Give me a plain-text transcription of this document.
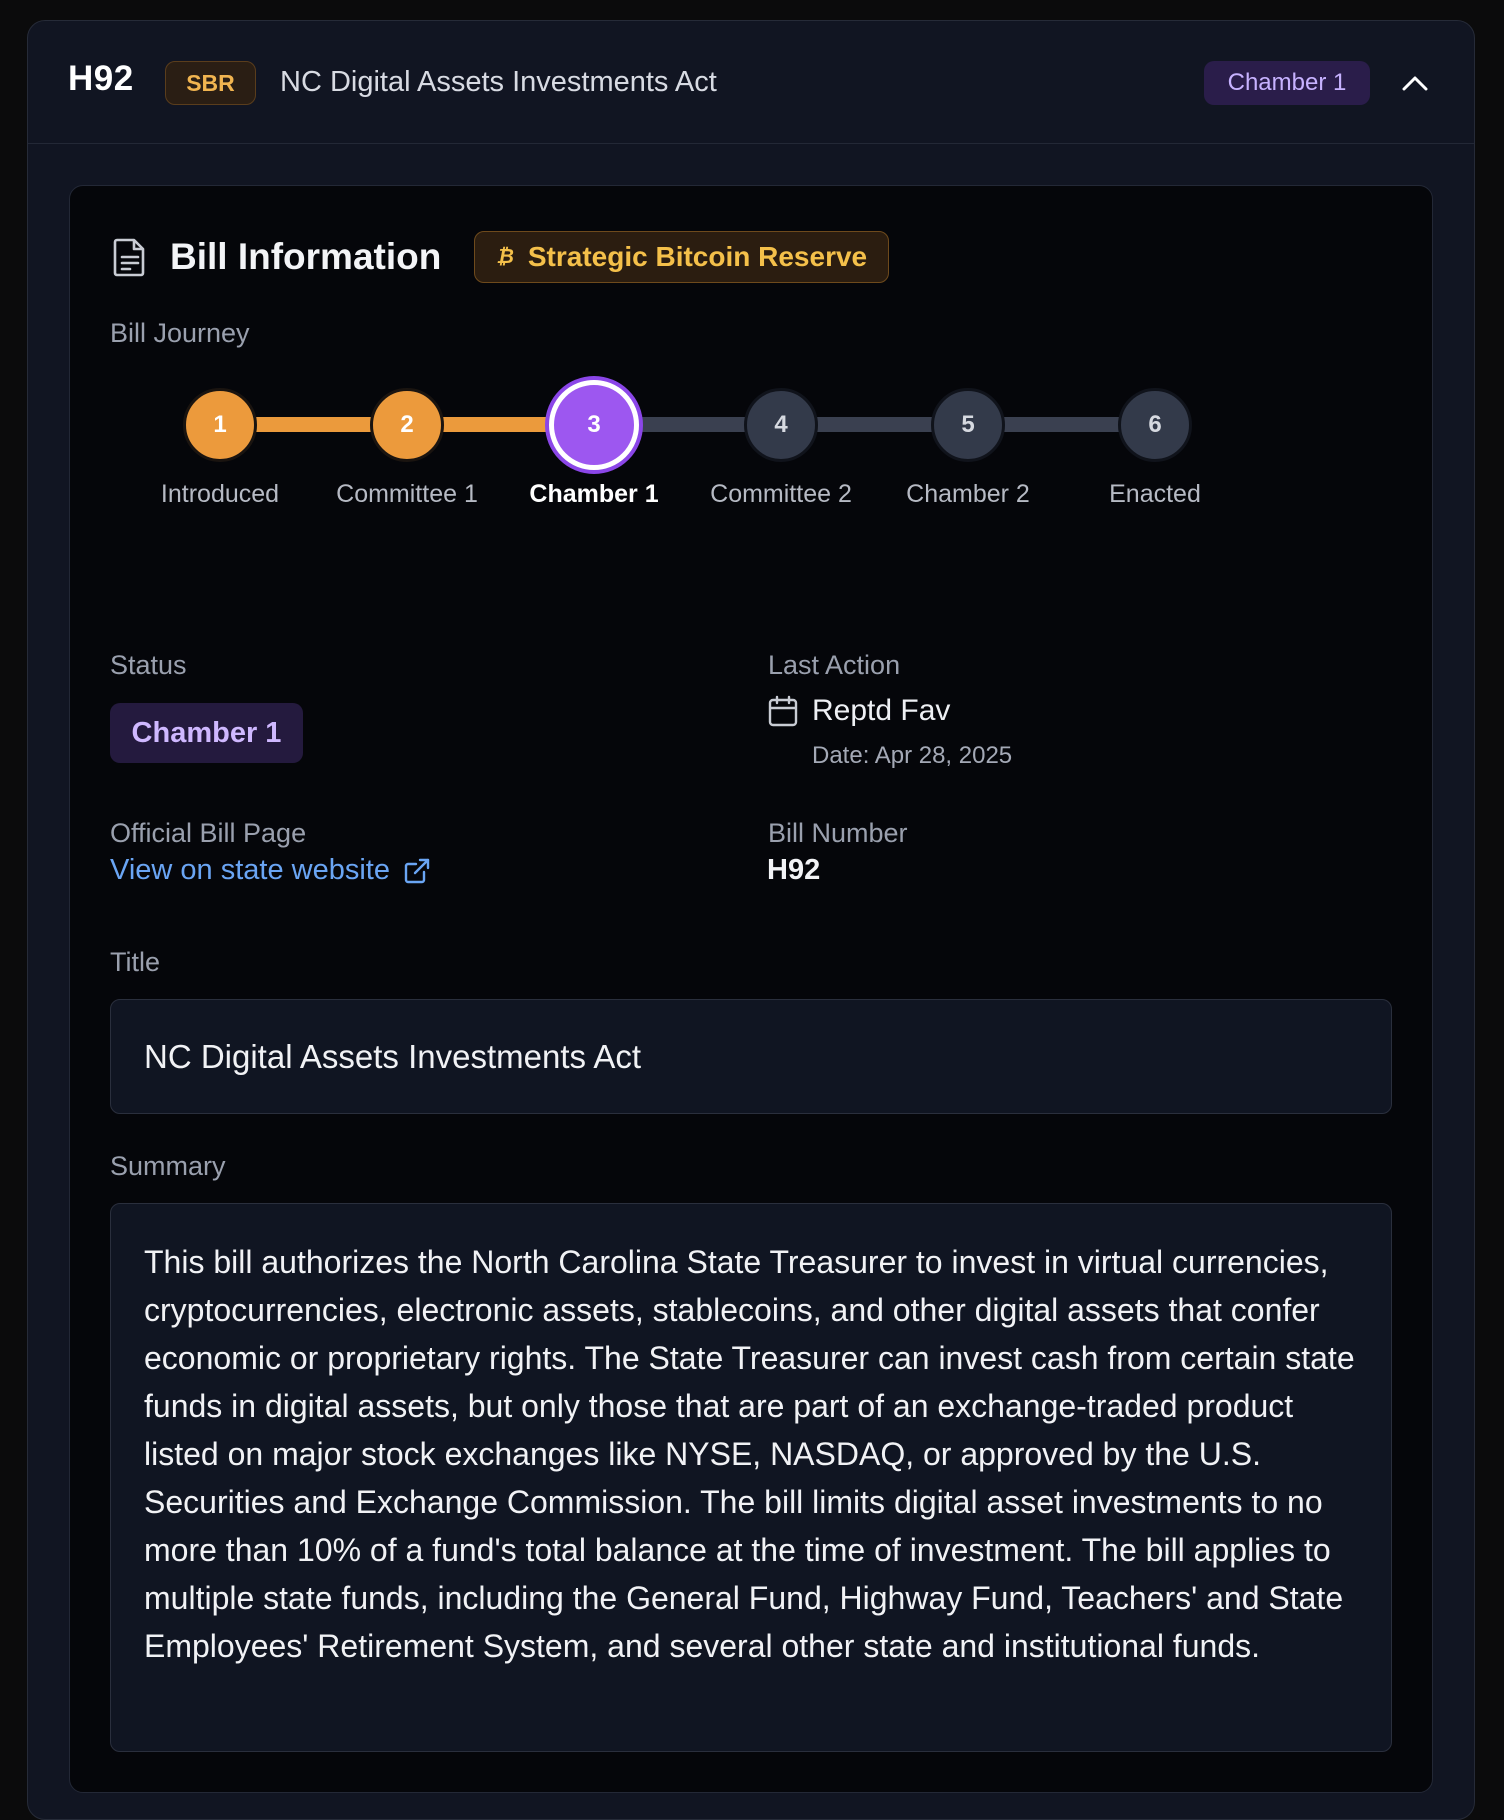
H92	SBR	NC Digital Assets Investments Act	Chamber 1
Bill Information	₿ Strategic Bitcoin Reserve
Bill Journey
1	2	3	4	5	6
Introduced	Committee 1	Chamber 1	Committee 2	Chamber 2	Enacted
Status
Chamber 1
Last Action
Reptd Fav
Date: Apr 28, 2025
Official Bill Page
View on state website
Bill Number
H92
Title
NC Digital Assets Investments Act
Summary
This bill authorizes the North Carolina State Treasurer to invest in virtual currencies, cryptocurrencies, electronic assets, stablecoins, and other digital assets that confer economic or proprietary rights. The State Treasurer can invest cash from certain state funds in digital assets, but only those that are part of an exchange-traded product listed on major stock exchanges like NYSE, NASDAQ, or approved by the U.S. Securities and Exchange Commission. The bill limits digital asset investments to no more than 10% of a fund's total balance at the time of investment. The bill applies to multiple state funds, including the General Fund, Highway Fund, Teachers' and State Employees' Retirement System, and several other state and institutional funds.
